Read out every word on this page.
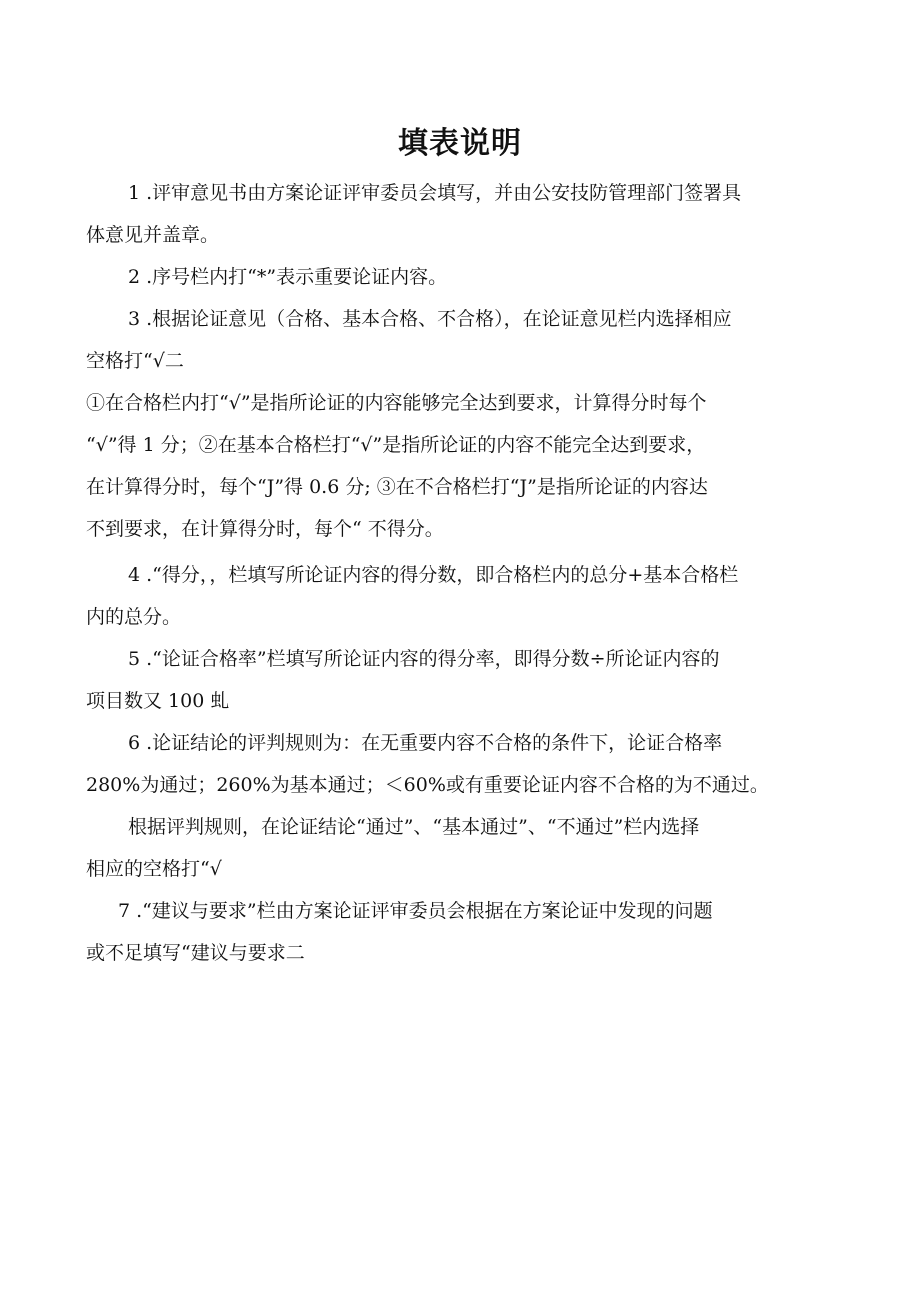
填表说明

1 .评审意见书由方案论证评审委员会填写，并由公安技防管理部门签署具

体意见并盖章。

2 .序号栏内打“*”表示重要论证内容。

3 .根据论证意见（合格、基本合格、不合格），在论证意见栏内选择相应

空格打“√二

①在合格栏内打“√”是指所论证的内容能够完全达到要求，计算得分时每个

“√”得 1 分；②在基本合格栏打“√”是指所论证的内容不能完全达到要求，

在计算得分时，每个“J”得 0.6 分; ③在不合格栏打“J”是指所论证的内容达

不到要求，在计算得分时，每个“ 不得分。

4 .“得分，，栏填写所论证内容的得分数，即合格栏内的总分+基本合格栏

内的总分。

5 .“论证合格率”栏填写所论证内容的得分率，即得分数÷所论证内容的

项目数又 100 虬

6 .论证结论的评判规则为：在无重要内容不合格的条件下，论证合格率

280%为通过；260%为基本通过；＜60%或有重要论证内容不合格的为不通过。

根据评判规则，在论证结论“通过”、“基本通过”、“不通过”栏内选择

相应的空格打“√

7 .“建议与要求”栏由方案论证评审委员会根据在方案论证中发现的问题

或不足填写“建议与要求二
